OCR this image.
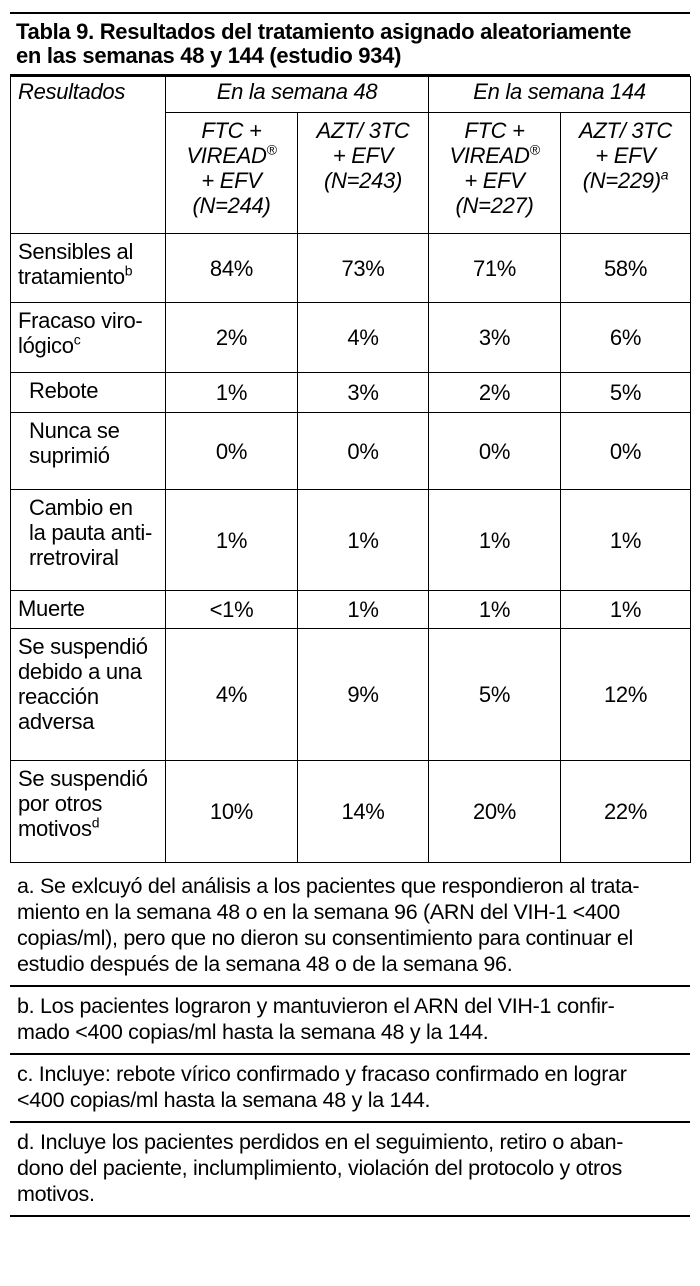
Tabla 9. Resultados del tratamiento asignado aleatoriamente
en las semanas 48 y 144 (estudio 934)
Resultados	En la semana 48		En la semana 144	

	FTC +
VIREAD®
+ EFV
(N=244)	AZT/ 3TC
+ EFV
(N=243)	FTC +
VIREAD®
+ EFV
(N=227)	AZT/ 3TC
+ EFV
(N=229)$^a$

Sensibles al
tratamiento$^b$	84%	73%	71%	58%

Fracaso viro-
lógico$^c$	2%	4%	3%	6%

Rebote	1%	3%	2%	5%

Nunca se
suprimió	0%	0%	0%	0%

Cambio en
la pauta anti-
rretroviral	1%	1%	1%	1%

Muerte	<1%	1%	1%	1%

Se suspendió
debido a una
reacción
adversa	4%	9%	5%	12%

Se suspendió
por otros
motivos$^d$	10%	14%	20%	22%
a. Se exlcuyó del análisis a los pacientes que respondieron al trata-
miento en la semana 48 o en la semana 96 (ARN del VIH-1 <400
copias/ml), pero que no dieron su consentimiento para continuar el
estudio después de la semana 48 o de la semana 96.
b. Los pacientes lograron y mantuvieron el ARN del VIH-1 confir-
mado <400 copias/ml hasta la semana 48 y la 144.
c. Incluye: rebote vírico confirmado y fracaso confirmado en lograr
<400 copias/ml hasta la semana 48 y la 144.
d. Incluye los pacientes perdidos en el seguimiento, retiro o aban-
dono del paciente, inclumplimiento, violación del protocolo y otros
motivos.
